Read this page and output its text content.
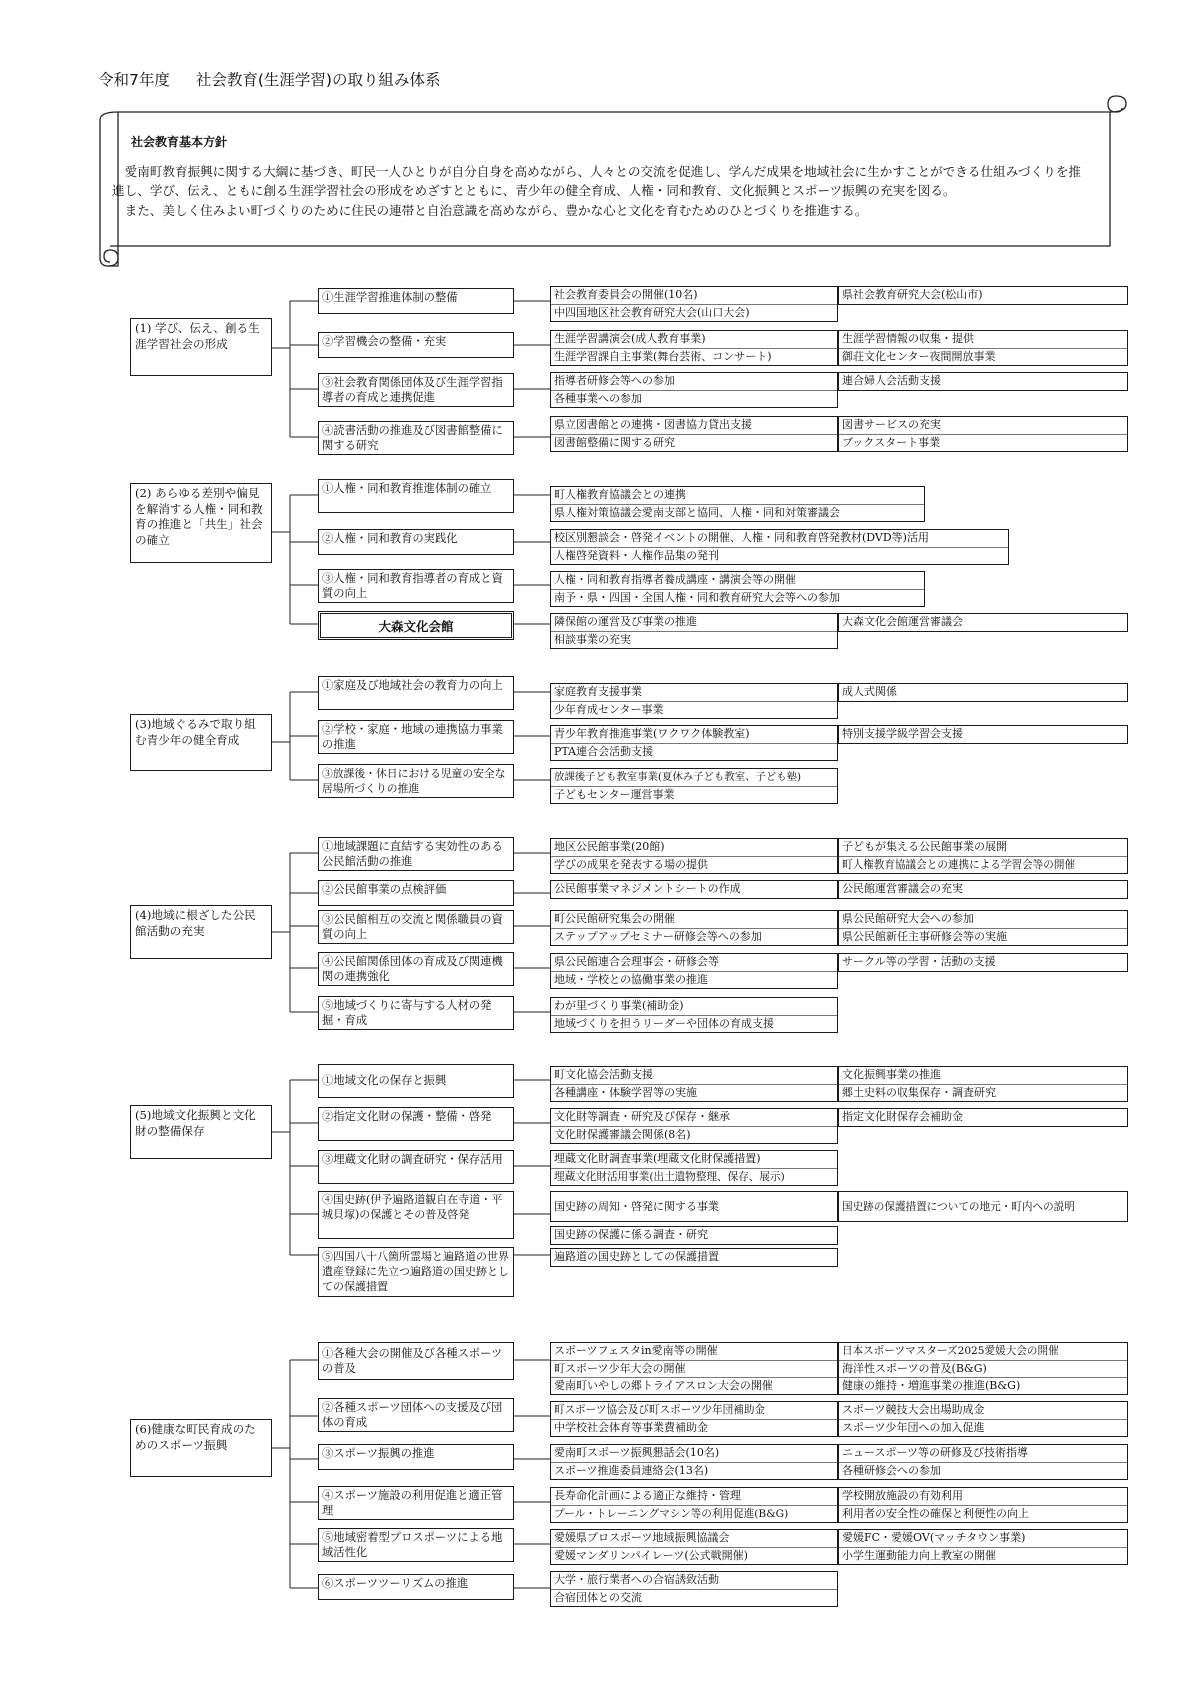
令和7年度 社会教育(生涯学習)の取り組み体系
社会教育基本方針

愛南町教育振興に関する大綱に基づき、町民一人ひとりが自分自身を高めながら、人々との交流を促進し、学んだ成果を地域社会に生かすことができる仕組みづくりを推進し、学び、伝え、ともに創る生涯学習社会の形成をめざすとともに、青少年の健全育成、人権・同和教育、文化振興とスポーツ振興の充実を図る。

また、美しく住みよい町づくりのために住民の連帯と自治意識を高めながら、豊かな心と文化を育むためのひとづくりを推進する。

(1) 学び、伝え、創る生涯学習社会の形成
(2) あらゆる差別や偏見を解消する人権・同和教育の推進と「共生」社会の確立
(3)地域ぐるみで取り組む青少年の健全育成
(4)地域に根ざした公民館活動の充実
(5)地域文化振興と文化財の整備保存
(6)健康な町民育成のためのスポーツ振興
①生涯学習推進体制の整備
②学習機会の整備・充実
③社会教育関係団体及び生涯学習指導者の育成と連携促進
④読書活動の推進及び図書館整備に関する研究
①人権・同和教育推進体制の確立
②人権・同和教育の実践化
③人権・同和教育指導者の育成と資質の向上
大森文化会館
①家庭及び地域社会の教育力の向上
②学校・家庭・地域の連携協力事業の推進
③放課後・休日における児童の安全な居場所づくりの推進
①地域課題に直結する実効性のある公民館活動の推進
②公民館事業の点検評価
③公民館相互の交流と関係職員の資質の向上
④公民館関係団体の育成及び関連機関の連携強化
⑤地域づくりに寄与する人材の発掘・育成
①地域文化の保存と振興
②指定文化財の保護・整備・啓発
③埋蔵文化財の調査研究・保存活用
④国史跡(伊予遍路道観自在寺道・平城貝塚)の保護とその普及啓発
⑤四国八十八箇所霊場と遍路道の世界遺産登録に先立つ遍路道の国史跡としての保護措置
①各種大会の開催及び各種スポーツの普及
②各種スポーツ団体への支援及び団体の育成
③スポーツ振興の推進
④スポーツ施設の利用促進と適正管理
⑤地域密着型プロスポーツによる地域活性化
⑥スポーツツーリズムの推進
社会教育委員会の開催(10名)
中四国地区社会教育研究大会(山口大会)
県社会教育研究大会(松山市)
生涯学習講演会(成人教育事業)
生涯学習課自主事業(舞台芸術、コンサート)
生涯学習情報の収集・提供
御荘文化センター夜間開放事業
指導者研修会等への参加
各種事業への参加
連合婦人会活動支援
県立図書館との連携・図書協力貸出支援
図書館整備に関する研究
図書サービスの充実
ブックスタート事業
町人権教育協議会との連携
県人権対策協議会愛南支部と協同、人権・同和対策審議会
校区別懇談会・啓発イベントの開催、人権・同和教育啓発教材(DVD等)活用
人権啓発資料・人権作品集の発刊
人権・同和教育指導者養成講座・講演会等の開催
南予・県・四国・全国人権・同和教育研究大会等への参加
隣保館の運営及び事業の推進
相談事業の充実
大森文化会館運営審議会
家庭教育支援事業
少年育成センター事業
成人式関係
青少年教育推進事業(ワクワク体験教室)
PTA連合会活動支援
特別支援学級学習会支援
放課後子ども教室事業(夏休み子ども教室、子ども塾)
子どもセンター運営事業
地区公民館事業(20館)
学びの成果を発表する場の提供
子どもが集える公民館事業の展開
町人権教育協議会との連携による学習会等の開催
公民館事業マネジメントシートの作成	公民館運営審議会の充実
町公民館研究集会の開催
ステップアップセミナー研修会等への参加
県公民館研究大会への参加
県公民館新任主事研修会等の実施
県公民館連合会理事会・研修会等
地域・学校との協働事業の推進
サークル等の学習・活動の支援
わが里づくり事業(補助金)
地域づくりを担うリーダーや団体の育成支援
町文化協会活動支援
各種講座・体験学習等の実施
文化振興事業の推進
郷土史料の収集保存・調査研究
文化財等調査・研究及び保存・継承
文化財保護審議会関係(8名)
指定文化財保存会補助金
埋蔵文化財調査事業(埋蔵文化財保護措置)
埋蔵文化財活用事業(出土遺物整理、保存、展示)
国史跡の周知・啓発に関する事業
国史跡の保護に係る調査・研究
国史跡の保護措置についての地元・町内への説明
遍路道の国史跡としての保護措置
スポーツフェスタin愛南等の開催
町スポーツ少年大会の開催
愛南町いやしの郷トライアスロン大会の開催
日本スポーツマスターズ2025愛媛大会の開催
海洋性スポーツの普及(B&G)
健康の維持・増進事業の推進(B&G)
町スポーツ協会及び町スポーツ少年団補助金
中学校社会体育等事業費補助金
スポーツ競技大会出場助成金
スポーツ少年団への加入促進
愛南町スポーツ振興懇話会(10名)
スポーツ推進委員連絡会(13名)
ニュースポーツ等の研修及び技術指導
各種研修会への参加
長寿命化計画による適正な維持・管理
プール・トレーニングマシン等の利用促進(B&G)
学校開放施設の有効利用
利用者の安全性の確保と利便性の向上
愛媛県プロスポーツ地域振興協議会
愛媛マンダリンパイレーツ(公式戦開催)
愛媛FC・愛媛OV(マッチタウン事業)
小学生運動能力向上教室の開催
大学・旅行業者への合宿誘致活動
合宿団体との交流
